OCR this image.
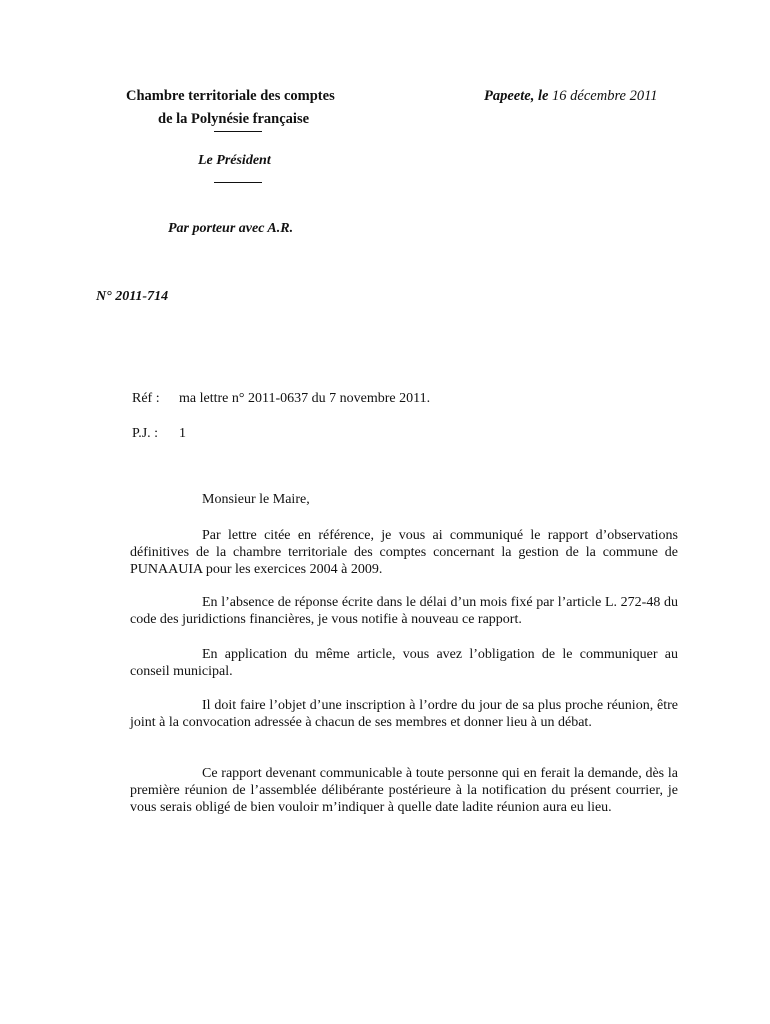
Chambre territoriale des comptes
de la Polynésie française
Le Président
Papeete, le 16 décembre 2011
Par porteur avec A.R.
N° 2011-714
Réf : ma lettre n° 2011-0637 du 7 novembre 2011.
P.J. : 1
Monsieur le Maire,

Par lettre citée en référence, je vous ai communiqué le rapport d’observations définitives de la chambre territoriale des comptes concernant la gestion de la commune de PUNAAUIA pour les exercices 2004 à 2009.

En l’absence de réponse écrite dans le délai d’un mois fixé par l’article L. 272-48 du code des juridictions financières, je vous notifie à nouveau ce rapport.

En application du même article, vous avez l’obligation de le communiquer au conseil municipal.

Il doit faire l’objet d’une inscription à l’ordre du jour de sa plus proche réunion, être joint à la convocation adressée à chacun de ses membres et donner lieu à un débat.

Ce rapport devenant communicable à toute personne qui en ferait la demande, dès la première réunion de l’assemblée délibérante postérieure à la notification du présent courrier, je vous serais obligé de bien vouloir m’indiquer à quelle date ladite réunion aura eu lieu.
